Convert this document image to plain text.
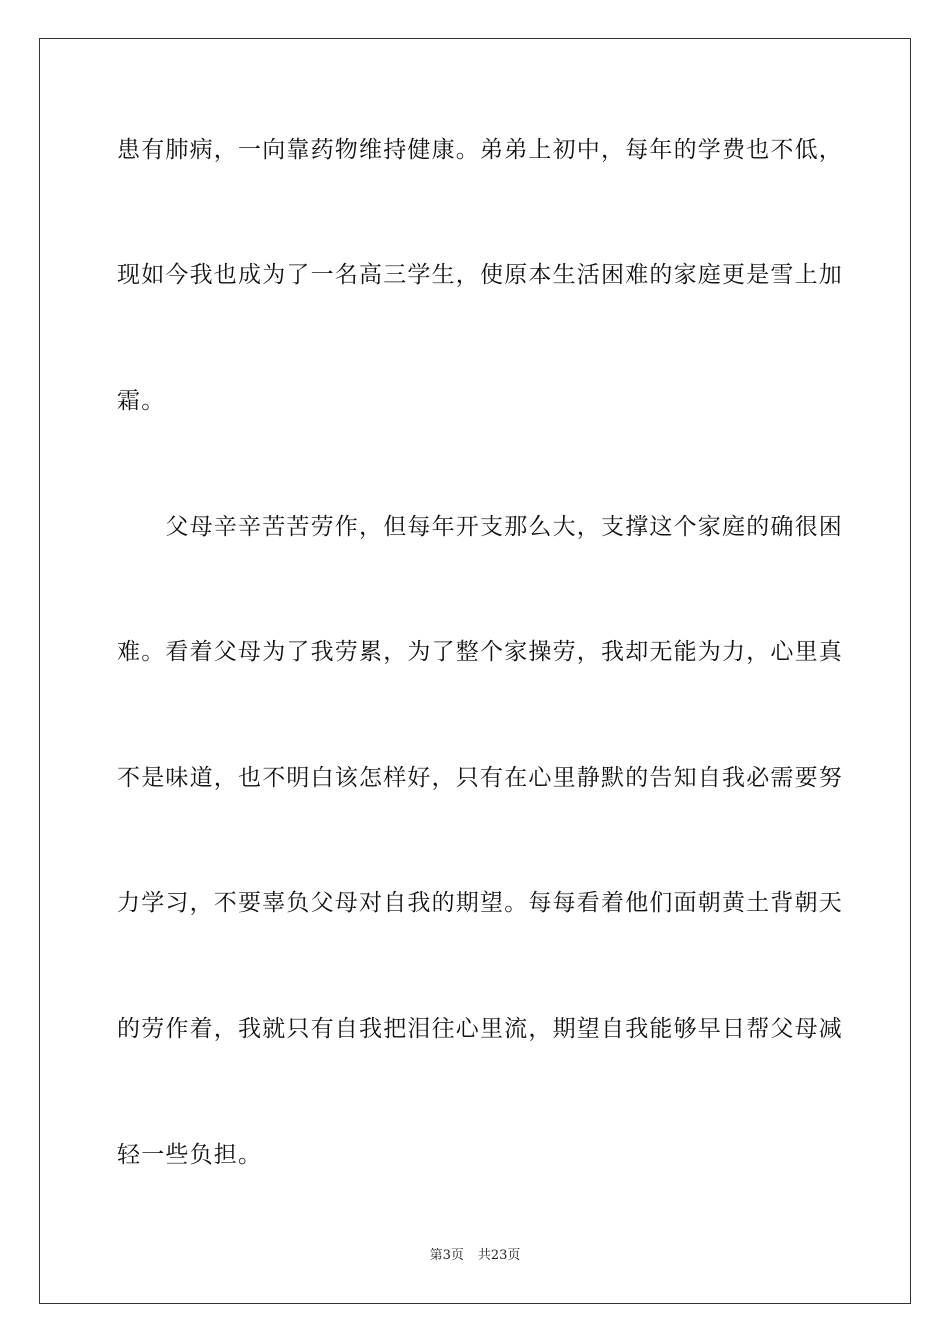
患有肺病，一向靠药物维持健康。弟弟上初中，每年的学费也不低，
现如今我也成为了一名高三学生，使原本生活困难的家庭更是雪上加
霜。
　　父母辛辛苦苦劳作，但每年开支那么大，支撑这个家庭的确很困
难。看着父母为了我劳累，为了整个家操劳，我却无能为力，心里真
不是味道，也不明白该怎样好，只有在心里静默的告知自我必需要努
力学习，不要辜负父母对自我的期望。每每看着他们面朝黄土背朝天
的劳作着，我就只有自我把泪往心里流，期望自我能够早日帮父母减
轻一些负担。
第3页 共23页
